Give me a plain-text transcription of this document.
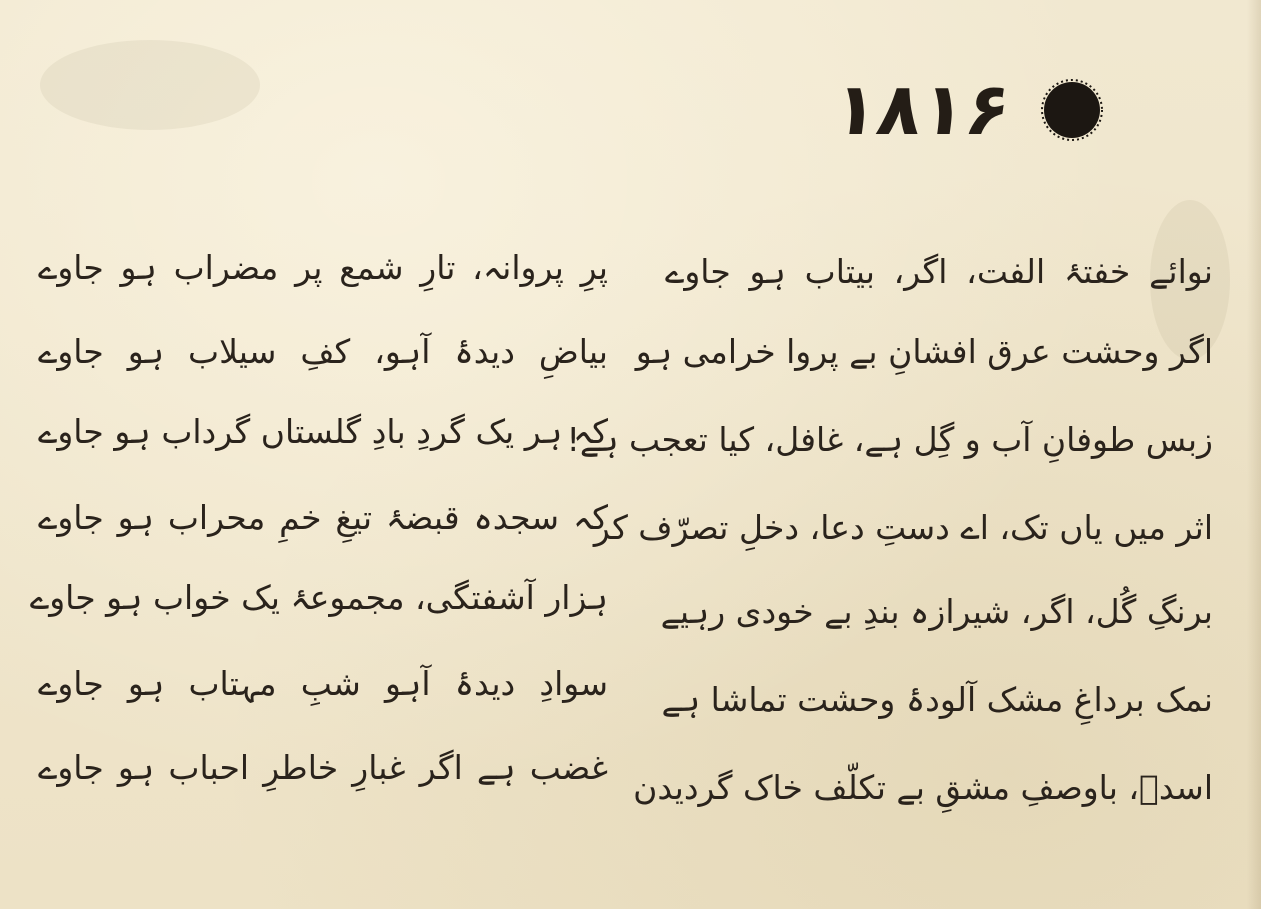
۱۸۱۶
نوائے خفتۂ الفت، اگر، بیتاب ہو جاوے
اگر وحشت عرق افشانِ بے پروا خرامی ہو
زبس طوفانِ آب و گِل ہے، غافل، کیا تعجب ہے!
اثر میں یاں تک، اے دستِ دعا، دخلِ تصرّف کر
برنگِ گُل، اگر، شیرازہ بندِ بے خودی رہیے
نمک برداغِ مشک آلودۂ وحشت تماشا ہے
اسدؔ، باوصفِ مشقِ بے تکلّف خاک گردیدن
پرِ پروانہ، تارِ شمع پر مضراب ہو جاوے
بیاضِ دیدۂ آہو، کفِ سیلاب ہو جاوے
کہ ہر یک گردِ بادِ گلستاں گرداب ہو جاوے
کہ سجدہ قبضۂ تیغِ خمِ محراب ہو جاوے
ہزار آشفتگی، مجموعۂ یک خواب ہو جاوے
سوادِ دیدۂ آہو شبِ مہتاب ہو جاوے
غضب ہے اگر غبارِ خاطرِ احباب ہو جاوے
